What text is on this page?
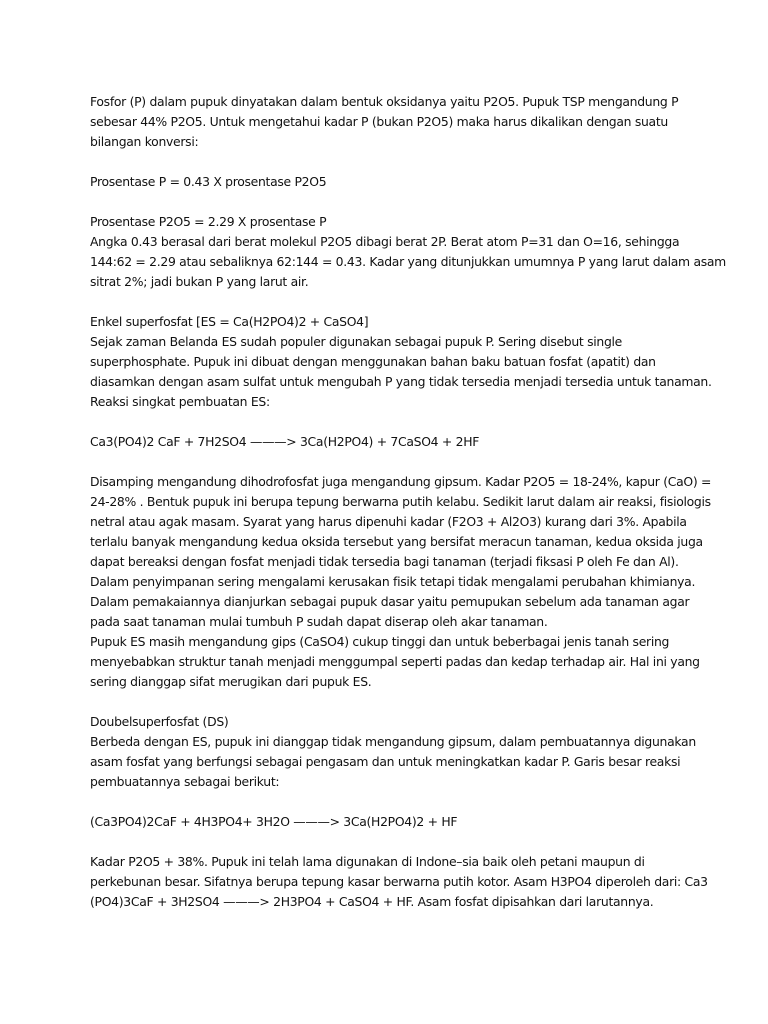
Fosfor (P) dalam pupuk dinyatakan dalam bentuk oksidanya yaitu P2O5. Pupuk TSP mengandung P
sebesar 44% P2O5. Untuk mengetahui kadar P (bukan P2O5) maka harus dikalikan dengan suatu
bilangan konversi:
Prosentase P = 0.43 X prosentase P2O5
Prosentase P2O5 = 2.29 X prosentase P
Angka 0.43 berasal dari berat molekul P2O5 dibagi berat 2P. Berat atom P=31 dan O=16, sehingga
144:62 = 2.29 atau sebaliknya 62:144 = 0.43. Kadar yang ditunjukkan umumnya P yang larut dalam asam
sitrat 2%; jadi bukan P yang larut air.
Enkel superfosfat [ES = Ca(H2PO4)2 + CaSO4]
Sejak zaman Belanda ES sudah populer digunakan sebagai pupuk P. Sering disebut single
superphosphate. Pupuk ini dibuat dengan menggunakan bahan baku batuan fosfat (apatit) dan
diasamkan dengan asam sulfat untuk mengubah P yang tidak tersedia menjadi tersedia untuk tanaman.
Reaksi singkat pembuatan ES:
Ca3(PO4)2 CaF + 7H2SO4 ———> 3Ca(H2PO4) + 7CaSO4 + 2HF
Disamping mengandung dihodrofosfat juga mengandung gipsum. Kadar P2O5 = 18-24%, kapur (CaO) =
24-28% . Bentuk pupuk ini berupa tepung berwarna putih kelabu. Sedikit larut dalam air reaksi, fisiologis
netral atau agak masam. Syarat yang harus dipenuhi kadar (F2O3 + Al2O3) kurang dari 3%. Apabila
terlalu banyak mengandung kedua oksida tersebut yang bersifat meracun tanaman, kedua oksida juga
dapat bereaksi dengan fosfat menjadi tidak tersedia bagi tanaman (terjadi fiksasi P oleh Fe dan Al).
Dalam penyimpanan sering mengalami kerusakan fisik tetapi tidak mengalami perubahan khimianya.
Dalam pemakaiannya dianjurkan sebagai pupuk dasar yaitu pemupukan sebelum ada tanaman agar
pada saat tanaman mulai tumbuh P sudah dapat diserap oleh akar tanaman.
Pupuk ES masih mengandung gips (CaSO4) cukup tinggi dan untuk beberbagai jenis tanah sering
menyebabkan struktur tanah menjadi menggumpal seperti padas dan kedap terhadap air. Hal ini yang
sering dianggap sifat merugikan dari pupuk ES.
Doubelsuperfosfat (DS)
Berbeda dengan ES, pupuk ini dianggap tidak mengandung gipsum, dalam pembuatannya digunakan
asam fosfat yang berfungsi sebagai pengasam dan untuk meningkatkan kadar P. Garis besar reaksi
pembuatannya sebagai berikut:
(Ca3PO4)2CaF + 4H3PO4+ 3H2O ———> 3Ca(H2PO4)2 + HF
Kadar P2O5 + 38%. Pupuk ini telah lama digunakan di Indone–sia baik oleh petani maupun di
perkebunan besar. Sifatnya berupa tepung kasar berwarna putih kotor. Asam H3PO4 diperoleh dari: Ca3
(PO4)3CaF + 3H2SO4 ———> 2H3PO4 + CaSO4 + HF. Asam fosfat dipisahkan dari larutannya.
